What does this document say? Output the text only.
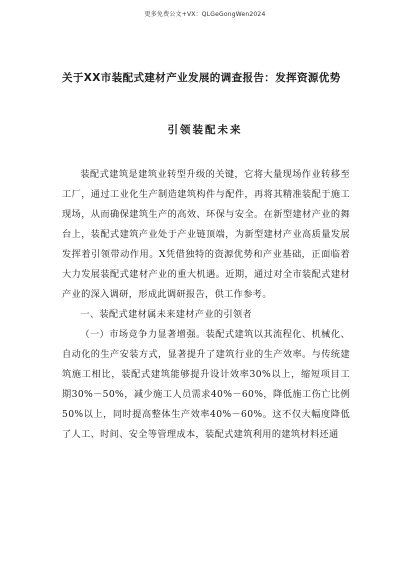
更多免费公文+VX：QLGeGongWen2024
关于XX市装配式建材产业发展的调查报告：发挥资源优势
引领装配未来

装配式建筑是建筑业转型升级的关键，它将大量现场作业转移至工厂，通过工业化生产制造建筑构件与配件，再将其精准装配于施工现场，从而确保建筑生产的高效、环保与安全。在新型建材产业的舞台上，装配式建筑产业处于产业链顶端，为新型建材产业高质量发展发挥着引领带动作用。X凭借独特的资源优势和产业基础，正面临着大力发展装配式建材产业的重大机遇。近期，通过对全市装配式建材产业的深入调研，形成此调研报告，供工作参考。

一、装配式建材属未来建材产业的引领者

（一）市场竞争力显著增强。装配式建筑以其流程化、机械化、自动化的生产安装方式，显著提升了建筑行业的生产效率。与传统建筑施工相比，装配式建筑能够提升设计效率30%以上，缩短项目工期30%－50%，减少施工人员需求40%－60%，降低施工伤亡比例50%以上，同时提高整体生产效率40%－60%。这不仅大幅度降低了人工、时间、安全等管理成本，装配式建筑利用的建筑材料还通
